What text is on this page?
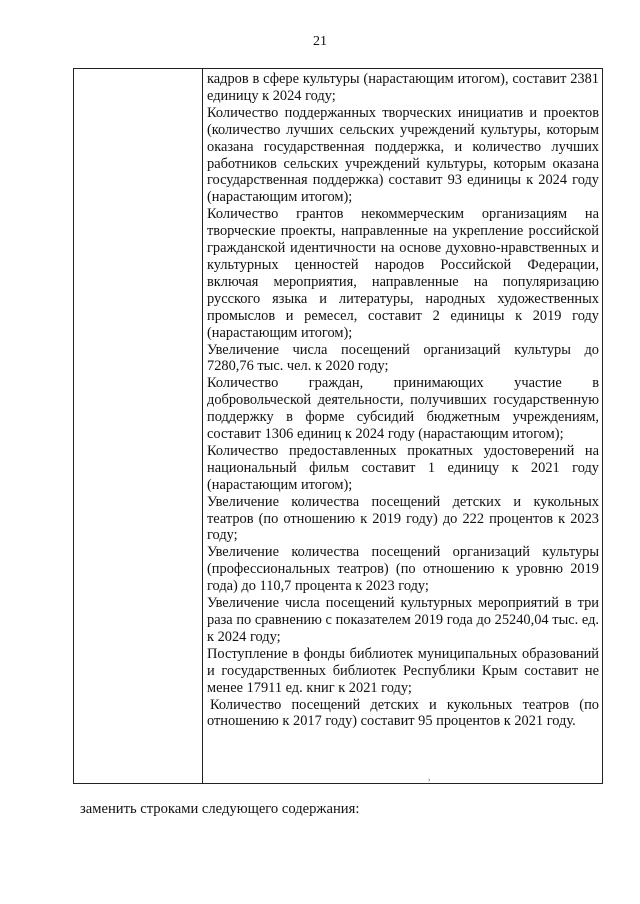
21

кадров в сфере культуры (нарастающим итогом), составит 2381 единицу к 2024 году;

Количество поддержанных творческих инициатив и проектов (количество лучших сельских учреждений культуры, которым оказана государственная поддержка, и количество лучших работников сельских учреждений культуры, которым оказана государственная поддержка) составит 93 единицы к 2024 году (нарастающим итогом);

Количество грантов некоммерческим организациям на творческие проекты, направленные на укрепление российской гражданской идентичности на основе духовно-нравственных и культурных ценностей народов Российской Федерации, включая мероприятия, направленные на популяризацию русского языка и литературы, народных художественных промыслов и ремесел, составит 2 единицы к 2019 году (нарастающим итогом);

Увеличение числа посещений организаций культуры до 7280,76 тыс. чел. к 2020 году;

Количество граждан, принимающих участие в добровольческой деятельности, получивших государственную поддержку в форме субсидий бюджетным учреждениям, составит 1306 единиц к 2024 году (нарастающим итогом);

Количество предоставленных прокатных удостоверений на национальный фильм составит 1 единицу к 2021 году (нарастающим итогом);

Увеличение количества посещений детских и кукольных театров (по отношению к 2019 году) до 222 процентов к 2023 году;

Увеличение количества посещений организаций культуры (профессиональных театров) (по отношению к уровню 2019 года) до 110,7 процента к 2023 году;

Увеличение числа посещений культурных мероприятий в три раза по сравнению с показателем 2019 года до 25240,04 тыс. ед. к 2024 году;

Поступление в фонды библиотек муниципальных образований и государственных библиотек Республики Крым составит не менее 17911 ед. книг к 2021 году;

Количество посещений детских и кукольных театров (по отношению к 2017 году) составит 95 процентов к 2021 году.

,
заменить строками следующего содержания:
